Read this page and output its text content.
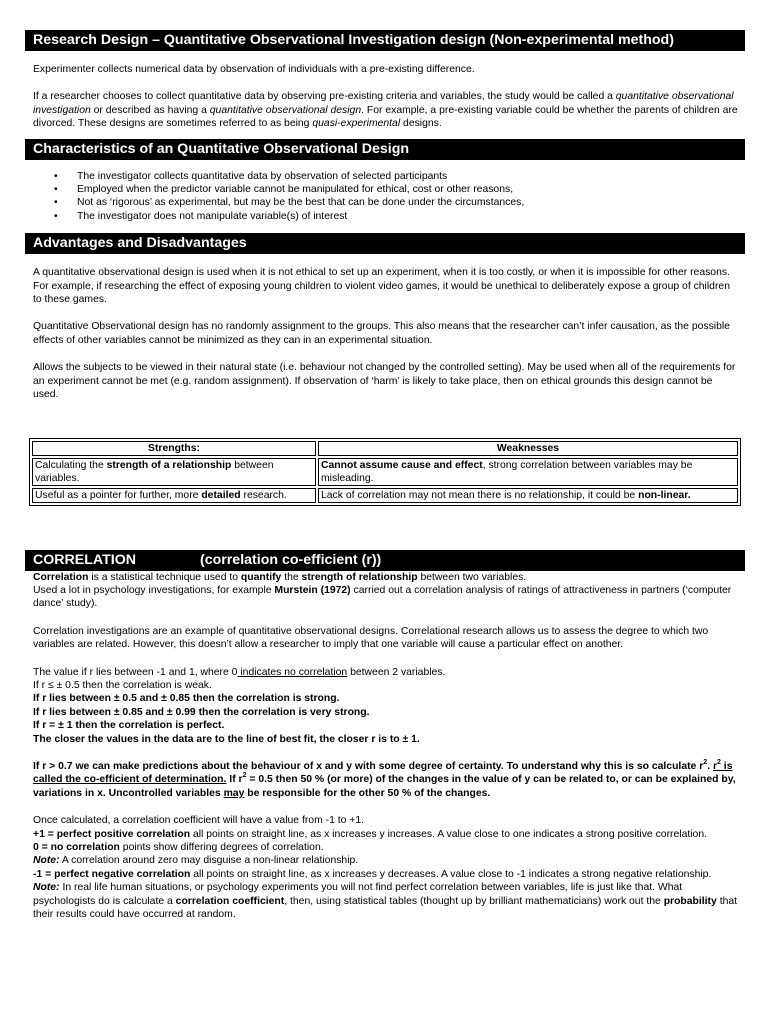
Research Design – Quantitative Observational Investigation design (Non-experimental method)

Experimenter collects numerical data by observation of individuals with a pre-existing difference.

If a researcher chooses to collect quantitative data by observing pre-existing criteria and variables, the study would be called a quantitative observational investigation or described as having a quantitative observational design. For example, a pre-existing variable could be whether the parents of children are divorced. These designs are sometimes referred to as being quasi-experimental designs.

Characteristics of an Quantitative Observational Design
• The investigator collects quantitative data by observation of selected participants
• Employed when the predictor variable cannot be manipulated for ethical, cost or other reasons,
• Not as ‘rigorous’ as experimental, but may be the best that can be done under the circumstances,
• The investigator does not manipulate variable(s) of interest
Advantages and Disadvantages

A quantitative observational design is used when it is not ethical to set up an experiment, when it is too costly, or when it is impossible for other reasons. For example, if researching the effect of exposing young children to violent video games, it would be unethical to deliberately expose a group of children to these games.

Quantitative Observational design has no randomly assignment to the groups. This also means that the researcher can’t infer causation, as the possible effects of other variables cannot be minimized as they can in an experimental situation.

Allows the subjects to be viewed in their natural state (i.e. behaviour not changed by the controlled setting). May be used when all of the requirements for an experiment cannot be met (e.g. random assignment). If observation of ‘harm’ is likely to take place, then on ethical grounds this design cannot be used.

Strengths:	Weaknesses
Calculating the strength of a relationship between variables.	Cannot assume cause and effect, strong correlation between variables may be misleading.
Useful as a pointer for further, more detailed research.	Lack of correlation may not mean there is no relationship, it could be non-linear.
CORRELATION	(correlation co-efficient (r))

Correlation is a statistical technique used to quantify the strength of relationship between two variables.

Used a lot in psychology investigations, for example Murstein (1972) carried out a correlation analysis of ratings of attractiveness in partners (‘computer dance’ study).

Correlation investigations are an example of quantitative observational designs. Correlational research allows us to assess the degree to which two variables are related. However, this doesn’t allow a researcher to imply that one variable will cause a particular effect on another.

The value if r lies between -1 and 1, where 0 indicates no correlation between 2 variables.

If r ≤ ± 0.5 then the correlation is weak.

If r lies between ± 0.5 and ± 0.85 then the correlation is strong.

If r lies between ± 0.85 and ± 0.99 then the correlation is very strong.

If r = ± 1 then the correlation is perfect.

The closer the values in the data are to the line of best fit, the closer r is to ± 1.

If r > 0.7 we can make predictions about the behaviour of x and y with some degree of certainty. To understand why this is so calculate $r^2$. $r^2$ is called the co-efficient of determination. If $r^2 = 0.5$ then 50 % (or more) of the changes in the value of y can be related to, or can be explained by, variations in x. Uncontrolled variables may be responsible for the other 50 % of the changes.

Once calculated, a correlation coefficient will have a value from -1 to +1.

+1 = perfect positive correlation all points on straight line, as x increases y increases. A value close to one indicates a strong positive correlation.

0 = no correlation points show differing degrees of correlation.

Note: A correlation around zero may disguise a non-linear relationship.

-1 = perfect negative correlation all points on straight line, as x increases y decreases. A value close to -1 indicates a strong negative relationship.

Note: In real life human situations, or psychology experiments you will not find perfect correlation between variables, life is just like that. What psychologists do is calculate a correlation coefficient, then, using statistical tables (thought up by brilliant mathematicians) work out the probability that their results could have occurred at random.
